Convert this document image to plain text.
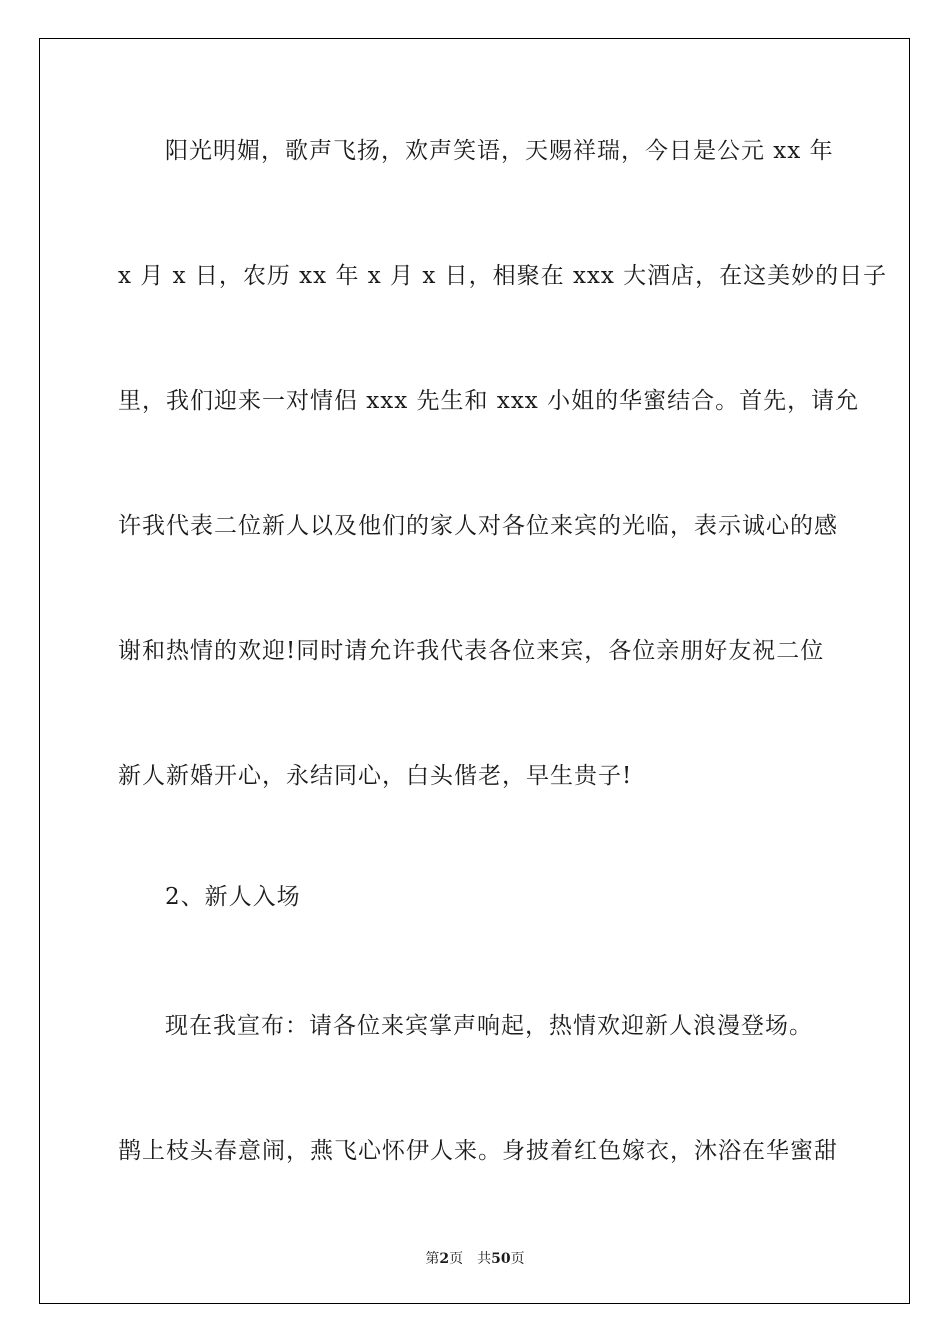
阳光明媚，歌声飞扬，欢声笑语，天赐祥瑞，今日是公元 xx 年
x 月 x 日，农历 xx 年 x 月 x 日，相聚在 xxx 大酒店，在这美妙的日子
里，我们迎来一对情侣 xxx 先生和 xxx 小姐的华蜜结合。首先，请允
许我代表二位新人以及他们的家人对各位来宾的光临，表示诚心的感
谢和热情的欢迎!同时请允许我代表各位来宾，各位亲朋好友祝二位
新人新婚开心，永结同心，白头偕老，早生贵子!
2、新人入场
现在我宣布：请各位来宾掌声响起，热情欢迎新人浪漫登场。
鹊上枝头春意闹，燕飞心怀伊人来。身披着红色嫁衣，沐浴在华蜜甜
第2页 共50页
